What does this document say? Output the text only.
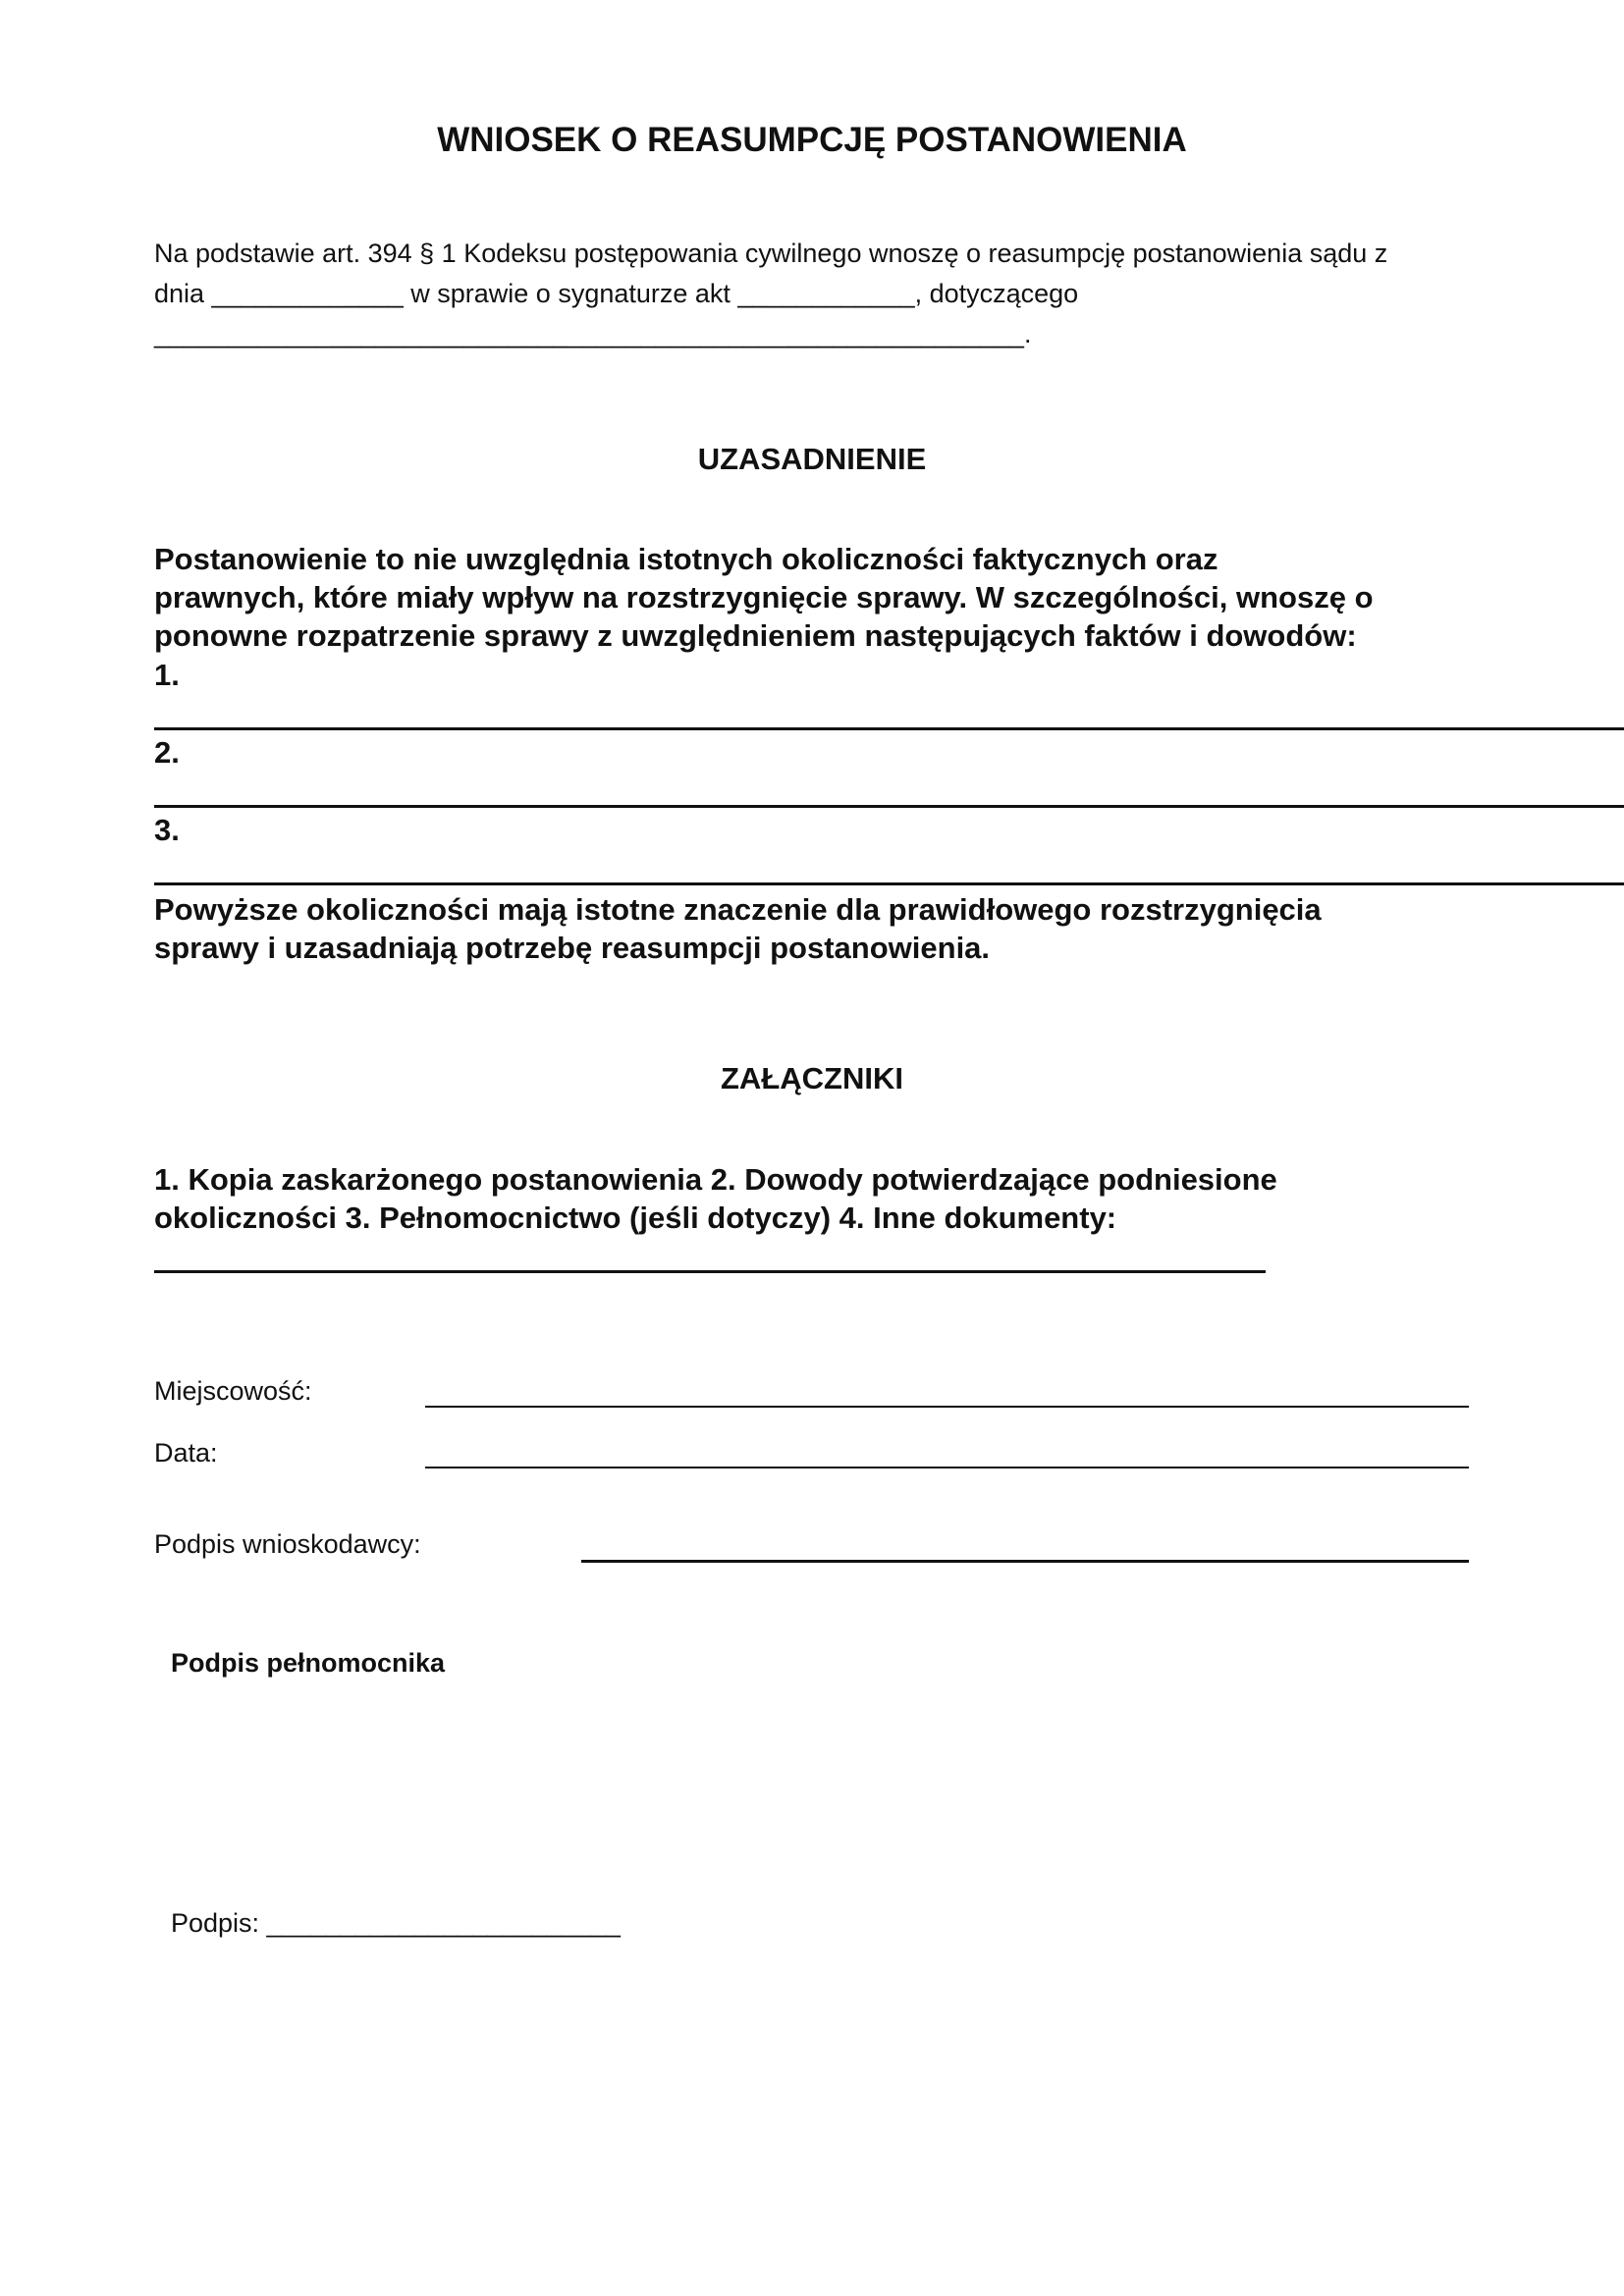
WNIOSEK O REASUMPCJĘ POSTANOWIENIA

Na podstawie art. 394 § 1 Kodeksu postępowania cywilnego wnoszę o reasumpcję postanowienia sądu z

dnia _____________ w sprawie o sygnaturze akt ____________, dotyczącego

___________________________________________________________.

UZASADNIENIE

Postanowienie to nie uwzględnia istotnych okoliczności faktycznych oraz

prawnych, które miały wpływ na rozstrzygnięcie sprawy. W szczególności, wnoszę o

ponowne rozpatrzenie sprawy z uwzględnieniem następujących faktów i dowodów:

1.
2.
3.

Powyższe okoliczności mają istotne znaczenie dla prawidłowego rozstrzygnięcia

sprawy i uzasadniają potrzebę reasumpcji postanowienia.

ZAŁĄCZNIKI

1. Kopia zaskarżonego postanowienia 2. Dowody potwierdzające podniesione

okoliczności 3. Pełnomocnictwo (jeśli dotyczy) 4. Inne dokumenty:

Miejscowość:
Data:
Podpis wnioskodawcy:
Podpis pełnomocnika
Podpis: ________________________
